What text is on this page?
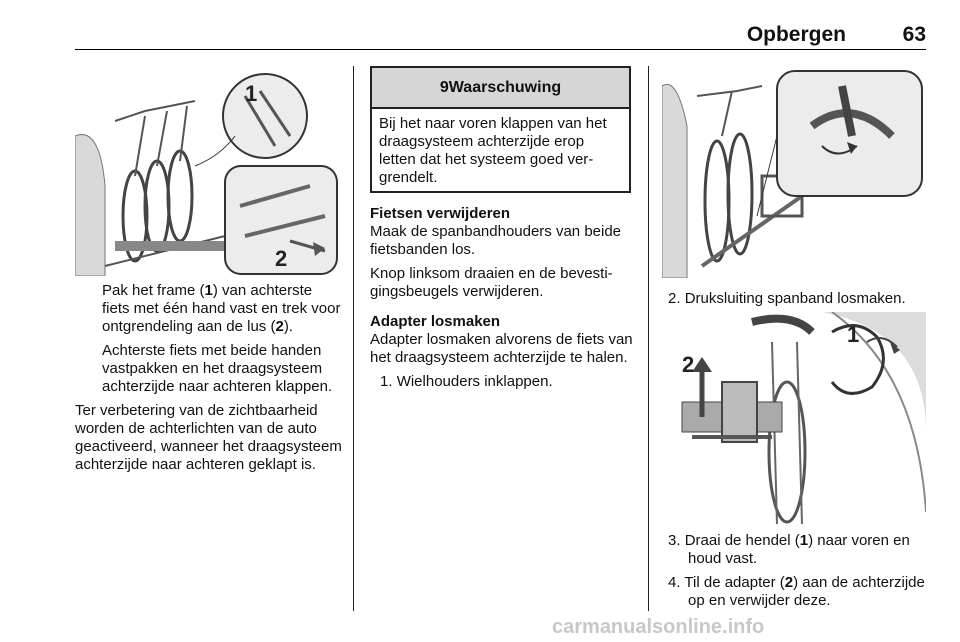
Opbergen	63
1
2

Pak het frame (1) van achterste fiets met één hand vast en trek voor ontgrendeling aan de lus (2).

Achterste fiets met beide handen vastpakken en het draagsysteem achterzijde naar achteren klappen.

Ter verbetering van de zichtbaarheid worden de achterlichten van de auto geactiveerd, wanneer het draagsysteem achterzijde naar achteren geklapt is.

9 Waarschuwing
Bij het naar voren klappen van het draagsysteem achterzijde erop letten dat het systeem goed vergrendelt.
Fietsen verwijderen

Maak de spanbandhouders van beide fietsbanden los.

Knop linksom draaien en de bevestigingsbeugels verwijderen.

Adapter losmaken

Adapter losmaken alvorens de fiets van het draagsysteem achterzijde te halen.

1. Wielhouders inklappen.

2. Druksluiting spanband losmaken.

1
2

3. Draai de hendel (1) naar voren en houd vast.

4. Til de adapter (2) aan de achterzijde op en verwijder deze.

carmanualsonline.info
